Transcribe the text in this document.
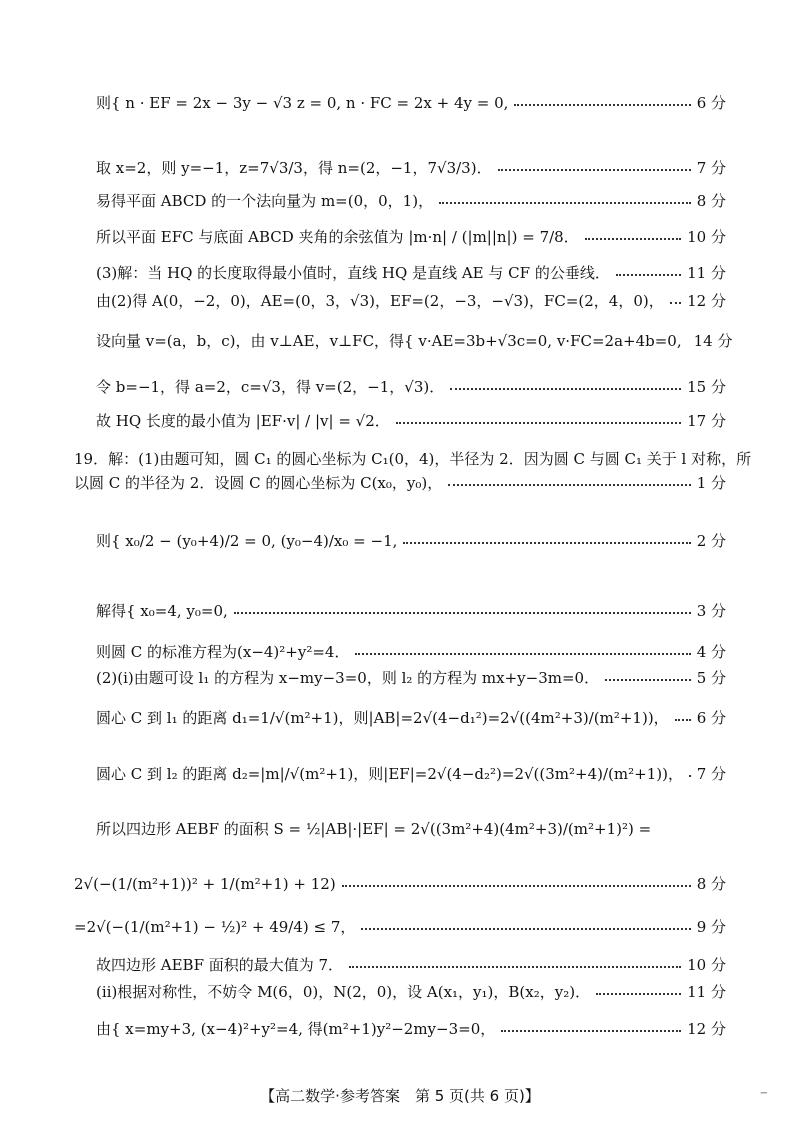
则{ n · EF = 2x − 3y − √3 z = 0, n · FC = 2x + 4y = 0,	6 分
取 x=2，则 y=−1，z=7√3/3，得 n=(2，−1，7√3/3)．	7 分
易得平面 ABCD 的一个法向量为 m=(0，0，1)，	8 分
所以平面 EFC 与底面 ABCD 夹角的余弦值为 |m·n| / (|m||n|) = 7/8．	10 分
(3)解：当 HQ 的长度取得最小值时，直线 HQ 是直线 AE 与 CF 的公垂线．	11 分
由(2)得 A(0，−2，0)，AE=(0，3，√3)，EF=(2，−3，−√3)，FC=(2，4，0)， 12 分
设向量 v=(a，b，c)，由 v⊥AE，v⊥FC，得{ v·AE=3b+√3c=0, v·FC=2a+4b=0, 14 分
令 b=−1，得 a=2，c=√3，得 v=(2，−1，√3)．	15 分
故 HQ 长度的最小值为 |EF·v| / |v| = √2．	17 分
19．解：(1)由题可知，圆 C₁ 的圆心坐标为 C₁(0，4)，半径为 2．因为圆 C 与圆 C₁ 关于 l 对称，所
以圆 C 的半径为 2．设圆 C 的圆心坐标为 C(x₀，y₀)，	1 分
则{ x₀/2 − (y₀+4)/2 = 0, (y₀−4)/x₀ = −1,	2 分
解得{ x₀=4, y₀=0,	3 分
则圆 C 的标准方程为(x−4)²+y²=4．	4 分
(2)(ⅰ)由题可设 l₁ 的方程为 x−my−3=0，则 l₂ 的方程为 mx+y−3m=0．	5 分
圆心 C 到 l₁ 的距离 d₁=1/√(m²+1)，则|AB|=2√(4−d₁²)=2√((4m²+3)/(m²+1))， 6 分
圆心 C 到 l₂ 的距离 d₂=|m|/√(m²+1)，则|EF|=2√(4−d₂²)=2√((3m²+4)/(m²+1))， 7 分
所以四边形 AEBF 的面积 S = ½|AB|·|EF| = 2√((3m²+4)(4m²+3)/(m²+1)²) =
2√(−(1/(m²+1))² + 1/(m²+1) + 12)	8 分
=2√(−(1/(m²+1) − ½)² + 49/4) ≤ 7，	9 分
故四边形 AEBF 面积的最大值为 7．	10 分
(ⅱ)根据对称性，不妨令 M(6，0)，N(2，0)，设 A(x₁，y₁)，B(x₂，y₂)．	11 分
由{ x=my+3, (x−4)²+y²=4, 得(m²+1)y²−2my−3=0，	12 分
【高二数学·参考答案　第 5 页(共 6 页)】	−
